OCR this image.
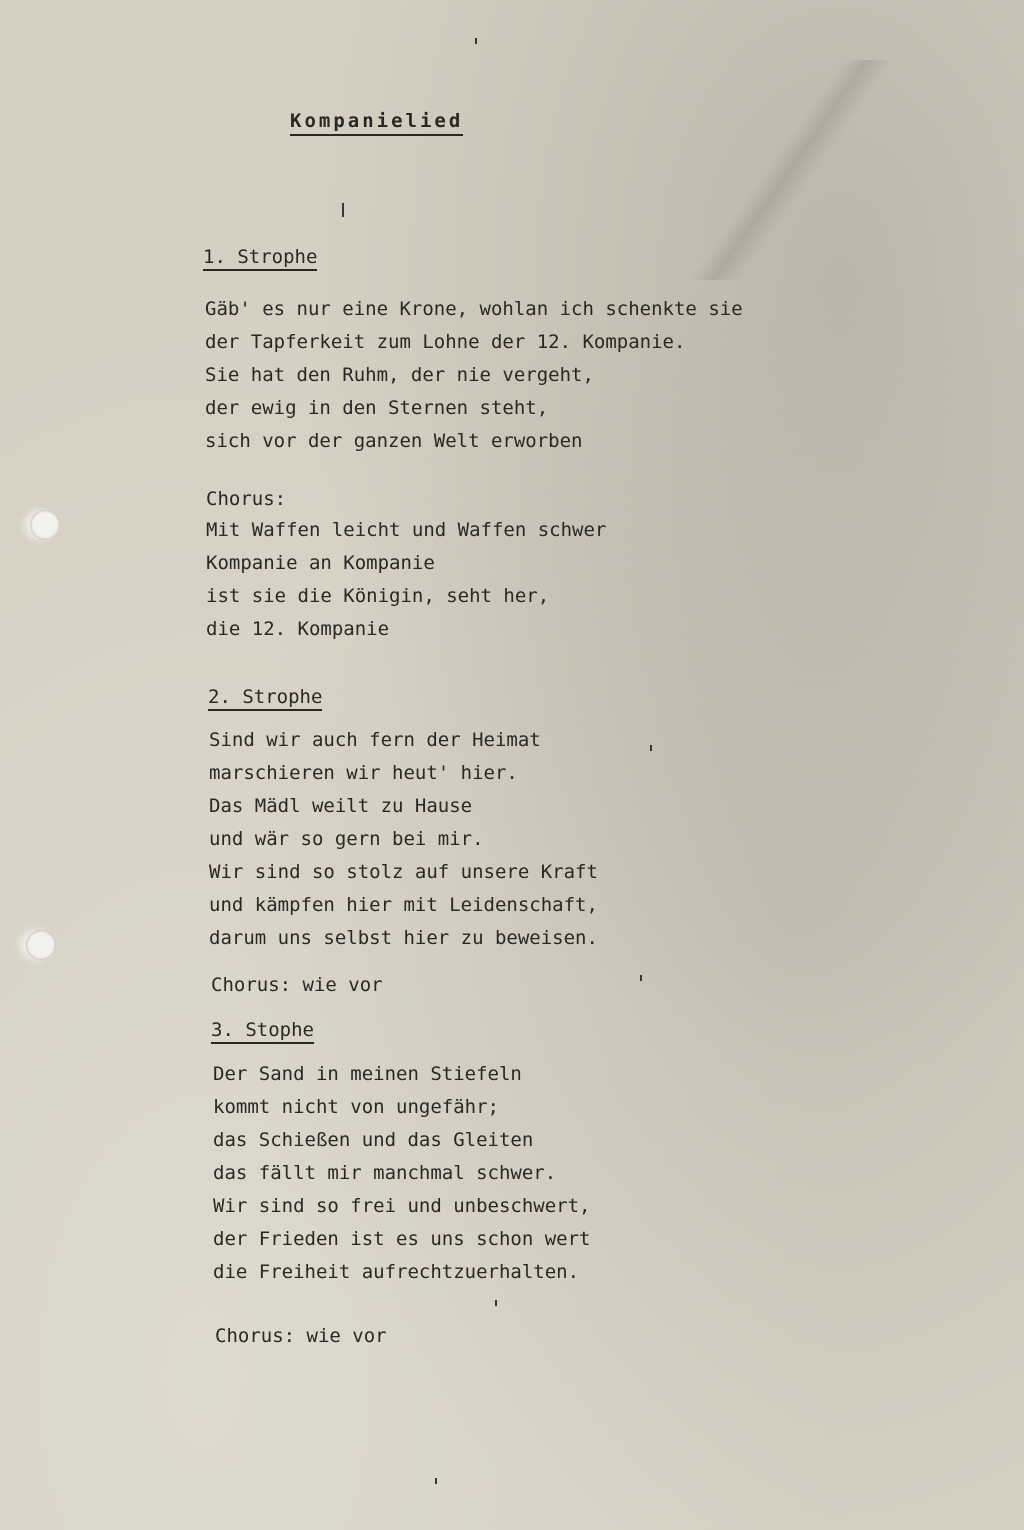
Kompanielied
1. Strophe
Gäb' es nur eine Krone, wohlan ich schenkte sie
der Tapferkeit zum Lohne der 12. Kompanie.
Sie hat den Ruhm, der nie vergeht,
der ewig in den Sternen steht,
sich vor der ganzen Welt erworben
Chorus:
Mit Waffen leicht und Waffen schwer
Kompanie an Kompanie
ist sie die Königin, seht her,
die 12. Kompanie
2. Strophe
Sind wir auch fern der Heimat
marschieren wir heut' hier.
Das Mädl weilt zu Hause
und wär so gern bei mir.
Wir sind so stolz auf unsere Kraft
und kämpfen hier mit Leidenschaft,
darum uns selbst hier zu beweisen.
Chorus: wie vor
3. Stophe
Der Sand in meinen Stiefeln
kommt nicht von ungefähr;
das Schießen und das Gleiten
das fällt mir manchmal schwer.
Wir sind so frei und unbeschwert,
der Frieden ist es uns schon wert
die Freiheit aufrechtzuerhalten.
Chorus: wie vor
